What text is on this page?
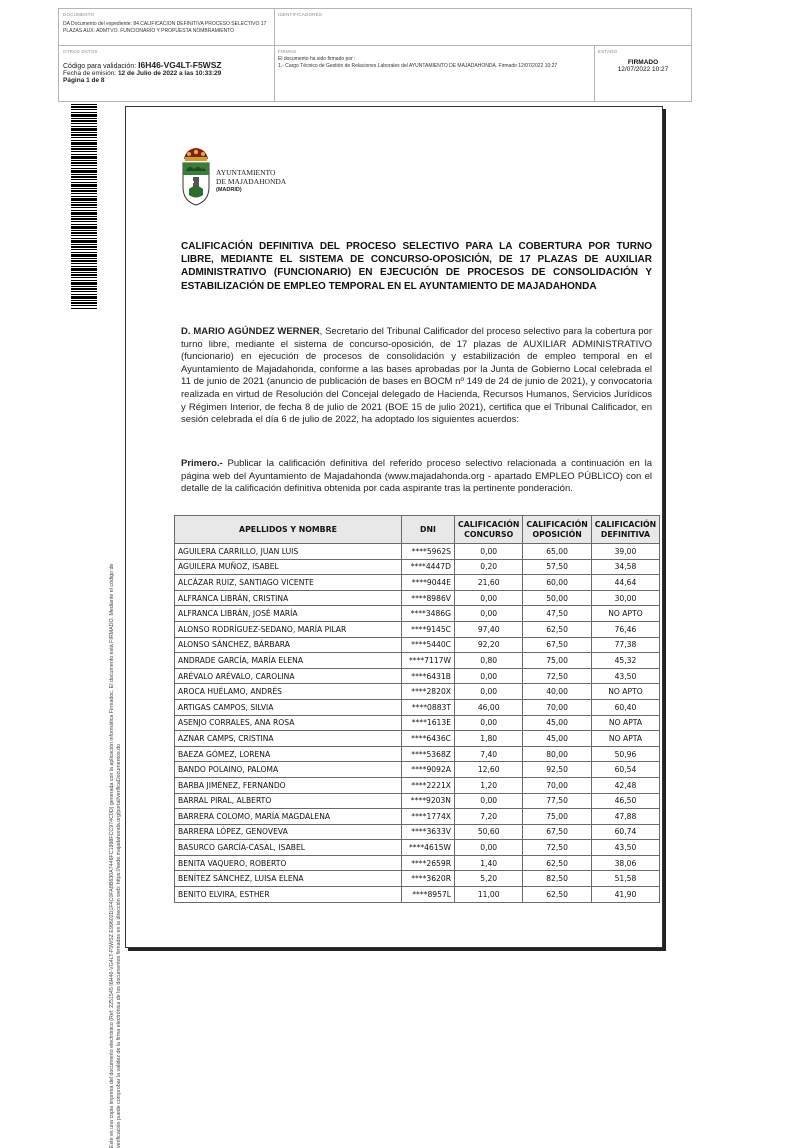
DOCUMENTO
DA Documento del expediente: 84.CALIFICACION DEFINITIVA PROCESO SELECTIVO 17 PLAZAS AUX. ADMTVO. FUNCIONARIO Y PROPUESTA NOMBRAMIENTO
IDENTIFICADORES
OTROS DATOS
Código para validación: I6H46-VG4LT-F5WSZ
Fecha de emisión: 12 de Julio de 2022 a las 10:33:29
Página 1 de 8
FIRMAS
El documento ha sido firmado por :
1.- Cargo Técnico de Gestión de Relaciones Laborales del AYUNTAMIENTO DE MAJADAHONDA. Firmado 12/07/2022 10:27
ESTADO
FIRMADO
12/07/2022 10:27
Este es una copia impresa del documento electrónico (Ref: 2251545 I6H46-VG4LT-F5WSZ E99602D1F4C0FA8B630A7446FC1998FCC974C0D) generada con la aplicación informática Firmadoc. El documento está FIRMADO. Mediante el código de verificación puede comprobar la validez de la firma electrónica de los documentos firmados en la dirección web: https://sede.majadahonda.org/portal/verificaDocumentos.do
AYUNTAMIENTO
DE MAJADAHONDA
(MADRID)
CALIFICACIÓN DEFINITIVA DEL PROCESO SELECTIVO PARA LA COBERTURA POR TURNO LIBRE, MEDIANTE EL SISTEMA DE CONCURSO-OPOSICIÓN, DE 17 PLAZAS DE AUXILIAR ADMINISTRATIVO (FUNCIONARIO) EN EJECUCIÓN DE PROCESOS DE CONSOLIDACIÓN Y ESTABILIZACIÓN DE EMPLEO TEMPORAL EN EL AYUNTAMIENTO DE MAJADAHONDA
D. MARIO AGÚNDEZ WERNER, Secretario del Tribunal Calificador del proceso selectivo para la cobertura por turno libre, mediante el sistema de concurso-oposición, de 17 plazas de AUXILIAR ADMINISTRATIVO (funcionario) en ejecución de procesos de consolidación y estabilización de empleo temporal en el Ayuntamiento de Majadahonda, conforme a las bases aprobadas por la Junta de Gobierno Local celebrada el 11 de junio de 2021 (anuncio de publicación de bases en BOCM nº 149 de 24 de junio de 2021), y convocatoria realizada en virtud de Resolución del Concejal delegado de Hacienda, Recursos Humanos, Servicios Jurídicos y Régimen Interior, de fecha 8 de julio de 2021 (BOE 15 de julio 2021), certifica que el Tribunal Calificador, en sesión celebrada el día 6 de julio de 2022, ha adoptado los siguientes acuerdos:
Primero.- Publicar la calificación definitiva del referido proceso selectivo relacionada a continuación en la página web del Ayuntamiento de Majadahonda (www.majadahonda.org - apartado EMPLEO PÚBLICO) con el detalle de la calificación definitiva obtenida por cada aspirante tras la pertinente ponderación.
APELLIDOS Y NOMBRE	DNI	CALIFICACIÓN CONCURSO	CALIFICACIÓN OPOSICIÓN	CALIFICACIÓN DEFINITIVA
AGUILERA CARRILLO, JUAN LUIS	****5962S	0,00	65,00	39,00
AGUILERA MUÑOZ, ISABEL	****4447D	0,20	57,50	34,58
ALCÁZAR RUIZ, SANTIAGO VICENTE	****9044E	21,60	60,00	44,64
ALFRANCA LIBRÁN, CRISTINA	****8986V	0,00	50,00	30,00
ALFRANCA LIBRÁN, JOSÉ MARÍA	****3486G	0,00	47,50	NO APTO
ALONSO RODRÍGUEZ-SEDANO, MARÍA PILAR	****9145C	97,40	62,50	76,46
ALONSO SÁNCHEZ, BÁRBARA	****5440C	92,20	67,50	77,38
ANDRADE GARCÍA, MARÍA ELENA	****7117W	0,80	75,00	45,32
ARÉVALO ARÉVALO, CAROLINA	****6431B	0,00	72,50	43,50
AROCA HUÉLAMO, ANDRÉS	****2820X	0,00	40,00	NO APTO
ARTIGAS CAMPOS, SILVIA	****0883T	46,00	70,00	60,40
ASENJO CORRALES, ANA ROSA	****1613E	0,00	45,00	NO APTA
AZNAR CAMPS, CRISTINA	****6436C	1,80	45,00	NO APTA
BAEZA GÓMEZ, LORENA	****5368Z	7,40	80,00	50,96
BANDO POLAINO, PALOMA	****9092A	12,60	92,50	60,54
BARBA JIMÉNEZ, FERNANDO	****2221X	1,20	70,00	42,48
BARRAL PIRAL, ALBERTO	****9203N	0,00	77,50	46,50
BARRERA COLOMO, MARÍA MAGDALENA	****1774X	7,20	75,00	47,88
BARRERA LÓPEZ, GENOVEVA	****3633V	50,60	67,50	60,74
BASURCO GARCÍA-CASAL, ISABEL	****4615W	0,00	72,50	43,50
BENITA VAQUERO, ROBERTO	****2659R	1,40	62,50	38,06
BENÍTEZ SÁNCHEZ, LUISA ELENA	****3620R	5,20	82,50	51,58
BENITO ELVIRA, ESTHER	****8957L	11,00	62,50	41,90
